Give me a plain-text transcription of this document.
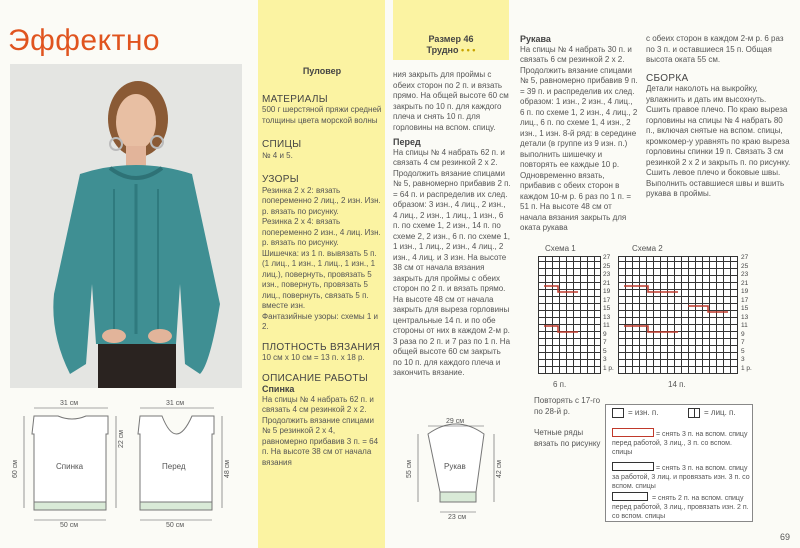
Эффектно

Пуловер

МАТЕРИАЛЫ

500 г шерстяной пряжи средней толщины цвета морской волны

СПИЦЫ

№ 4 и 5.

УЗОРЫ

Резинка 2 х 2: вязать попеременно 2 лиц., 2 изн. Изн. р. вязать по рисунку.

Резинка 2 х 4: вязать попеременно 2 изн., 4 лиц. Изн. р. вязать по рисунку.

Шишечка: из 1 п. вывязать 5 п. (1 лиц., 1 изн., 1 лиц., 1 изн., 1 лиц.), повернуть, провязать 5 изн., повернуть, провязать 5 лиц., повернуть, связать 5 п. вместе изн.

Фантазийные узоры: схемы 1 и 2.

ПЛОТНОСТЬ ВЯЗАНИЯ

10 см х 10 см = 13 п. х 18 р.

ОПИСАНИЕ РАБОТЫ

Спинка

На спицы № 4 набрать 62 п. и связать 4 см резинкой 2 х 2. Продолжить вязание спицами № 5 резинкой 2 х 4, равномерно прибавив 3 п. = 64 п. На высоте 38 см от начала вязания

Размер 46

Трудно • • •

ния закрыть для проймы с обеих сторон по 2 п. и вязать прямо. На общей высоте 60 см закрыть по 10 п. для каждого плеча и снять 10 п. для горловины на вспом. спицу.

Перед

На спицы № 4 набрать 62 п. и связать 4 см резинкой 2 х 2. Продолжить вязание спицами № 5, равномерно прибавив 2 п. = 64 п. и распределив их след. образом: 3 изн., 4 лиц., 2 изн., 4 лиц., 2 изн., 1 лиц., 1 изн., 6 п. по схеме 1, 2 изн., 14 п. по схеме 2, 2 изн., 6 п. по схеме 1, 1 изн., 1 лиц., 2 изн., 4 лиц., 2 изн., 4 лиц. и 3 изн. На высоте 38 см от начала вязания закрыть для проймы с обеих сторон по 2 п. и вязать прямо. На высоте 48 см от начала закрыть для выреза горловины центральные 14 п. и по обе стороны от них в каждом 2-м р. 3 раза по 2 п. и 7 раз по 1 п. На общей высоте 60 см закрыть по 10 п. для каждого плеча и закончить вязание.

Рукава

На спицы № 4 набрать 30 п. и связать 6 см резинкой 2 х 2. Продолжить вязание спицами № 5, равномерно прибавив 9 п. = 39 п. и распределив их след. образом: 1 изн., 2 изн., 4 лиц., 6 п. по схеме 1, 2 изн., 4 лиц., 2 лиц., 6 п. по схеме 1, 4 изн., 2 изн., 1 изн. 8-й ряд: в середине детали (в группе из 9 изн. п.) выполнить шишечку и повторять ее каждые 10 р. Одновременно вязать, прибавив с обеих сторон в каждом 10-м р. 6 раз по 1 п. = 51 п. На высоте 48 см от начала вязания закрыть для оката рукава

с обеих сторон в каждом 2-м р. 6 раз по 3 п. и оставшиеся 15 п. Общая высота оката 55 см.

СБОРКА

Детали наколоть на выкройку, увлажнить и дать им высохнуть. Сшить правое плечо. По краю выреза горловины на спицы № 4 набрать 80 п., включая снятые на вспом. спицы, кромкомер-у уравнять по краю выреза горловины спинки 19 п. Связать 3 см резинкой 2 х 2 и закрыть п. по рисунку. Сшить левое плечо и боковые швы. Выполнить оставшиеся швы и вшить рукава в проймы.

Схема 1	Схема 2
27
25
23
21
19
17
15
13
11
9
7
5
3
1 р.
27
25
23
21
19
17
15
13
11
9
7
5
3
1 р.
6 п.	14 п.
Повторять с 17-го по 28-й р.
Четные ряды вязать по рисунку
= изн. п.	= лиц. п.
= снять 3 п. на вспом. спицу перед работой, 3 лиц., 3 п. со вспом. спицы
= снять 3 п. на вспом. спицу за работой, 3 лиц. и провязать изн. 3 п. со вспом. спицы
= снять 2 п. на вспом. спицу перед работой, 3 лиц., провязать изн. 2 п. со вспом. спицы
Спинка	Перед	Рукав
31 см
50 см
60 см
22 см
31 см
50 см
48 см
29 см
23 см
55 см	42 см
69
